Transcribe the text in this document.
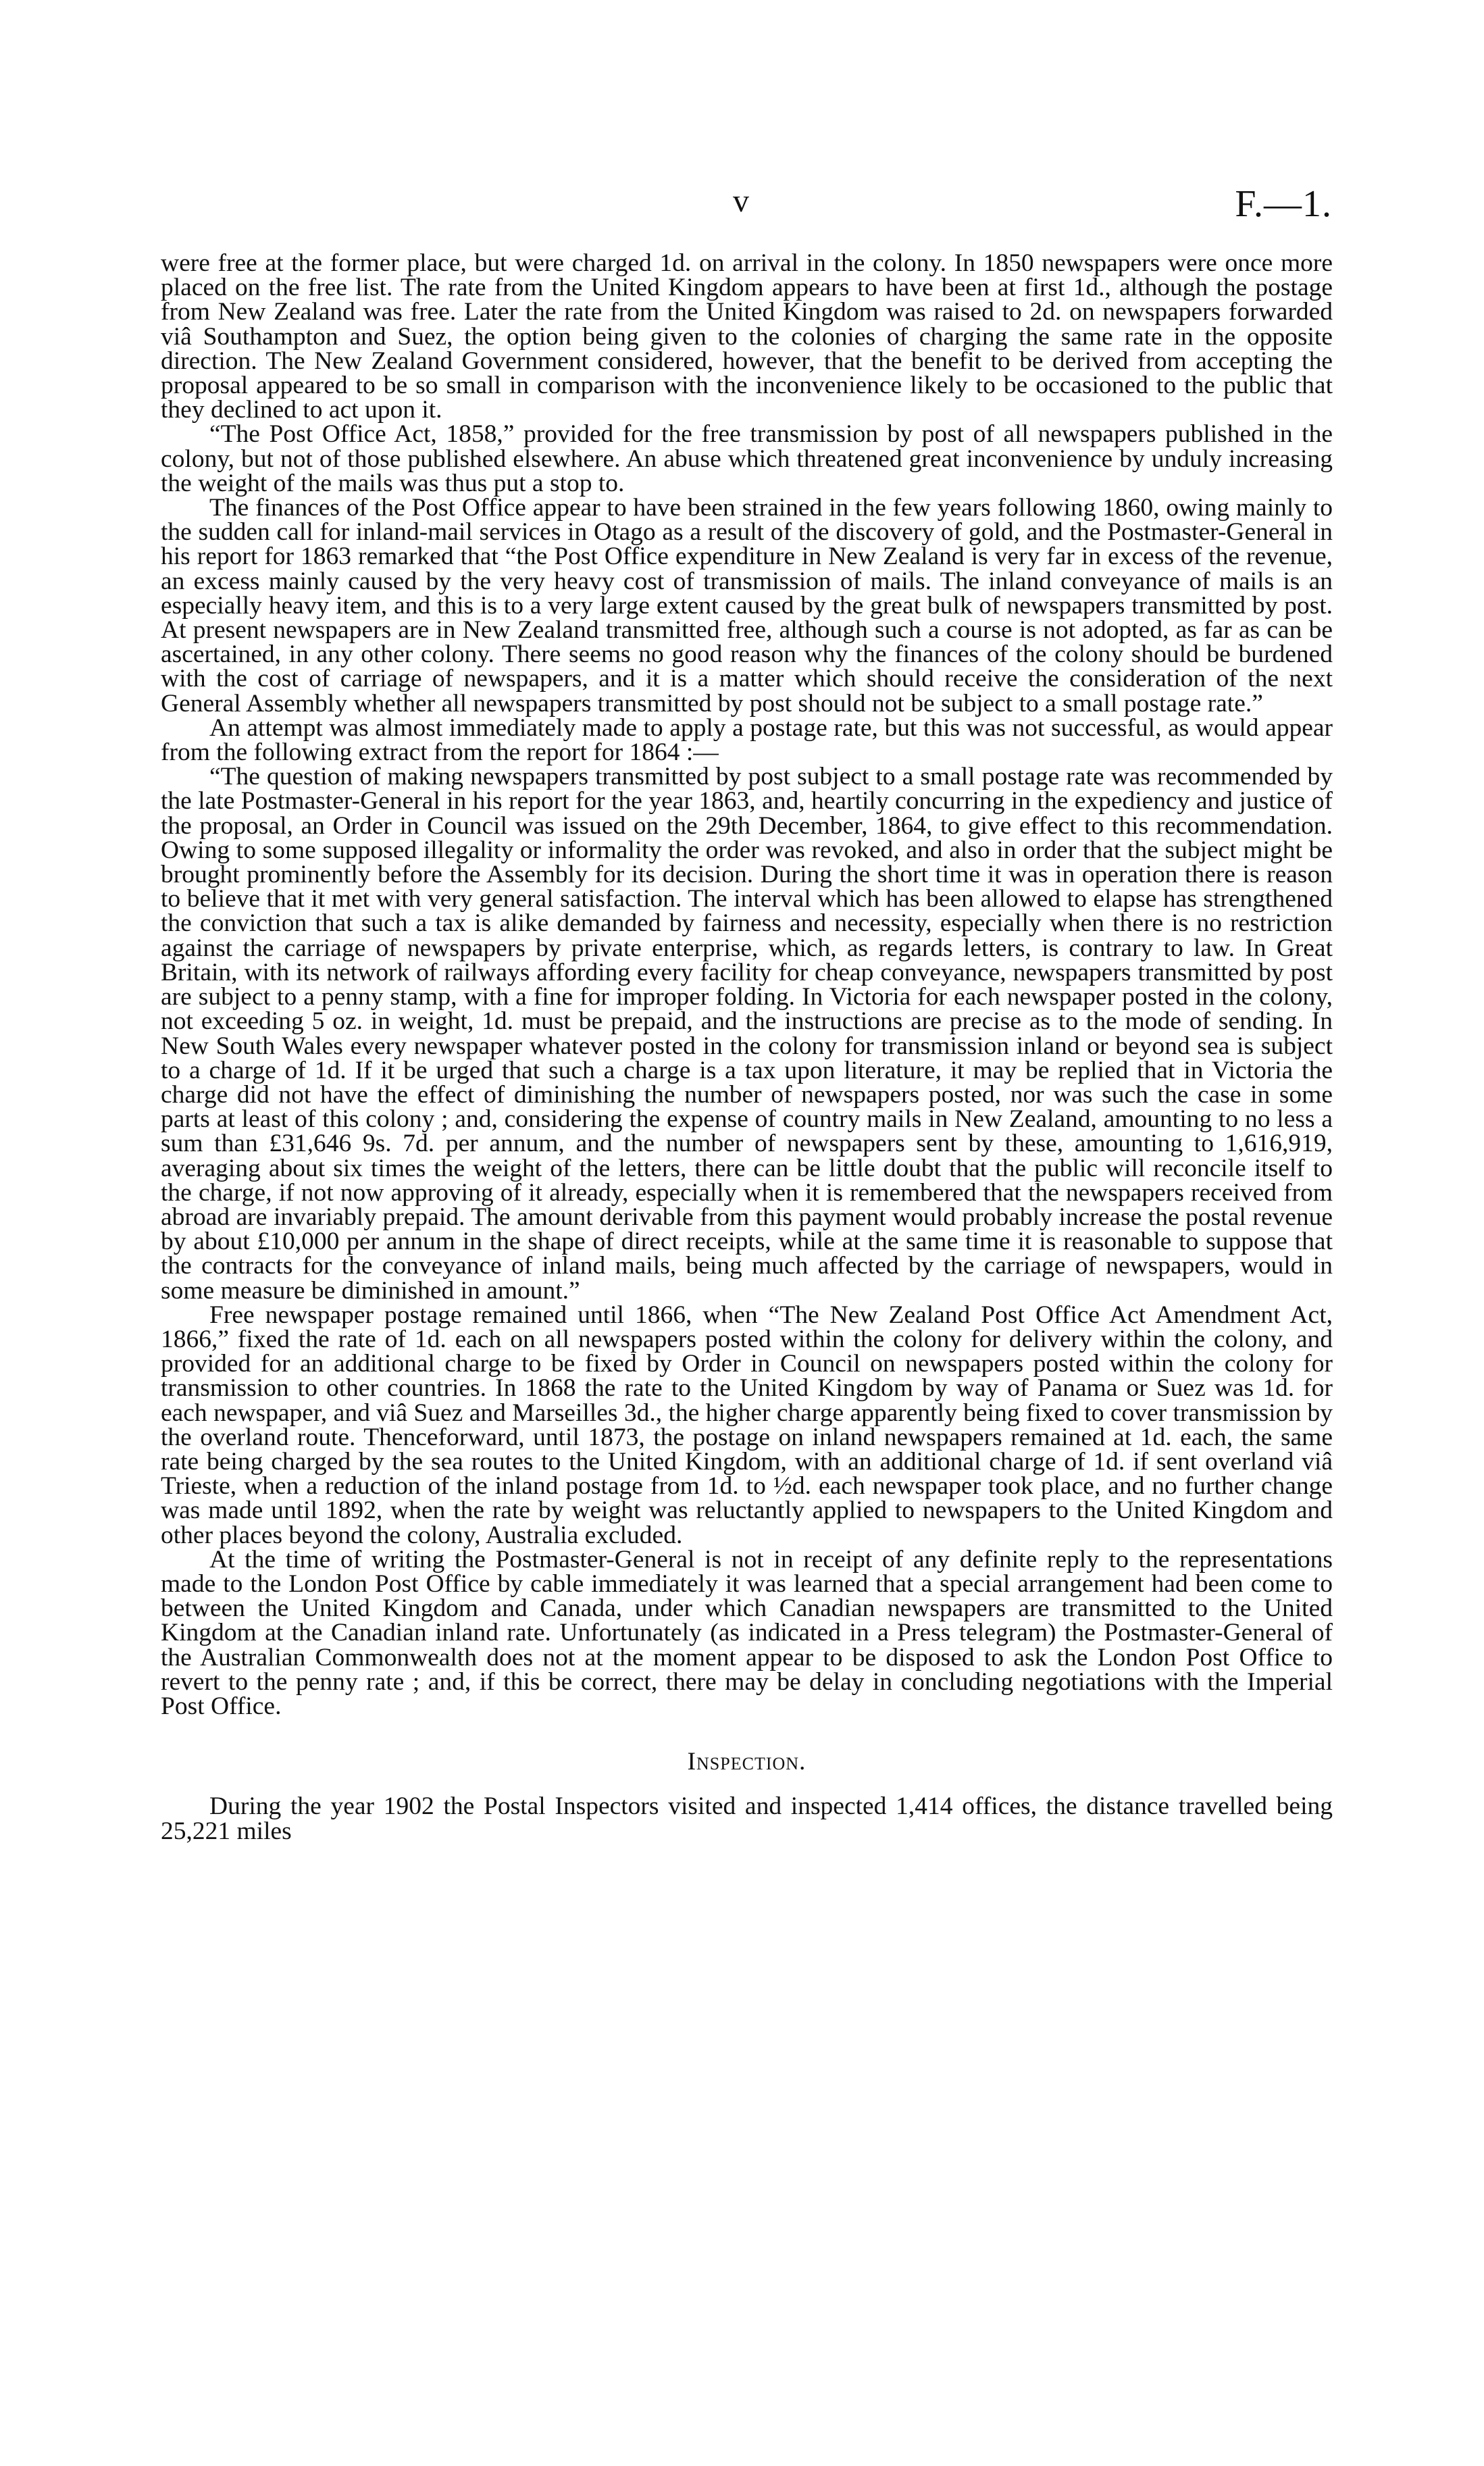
v	F.—1.

were free at the former place, but were charged 1d. on arrival in the colony. In 1850 newspapers were once more placed on the free list. The rate from the United Kingdom appears to have been at first 1d., although the postage from New Zealand was free. Later the rate from the United Kingdom was raised to 2d. on newspapers forwarded viâ Southampton and Suez, the option being given to the colonies of charging the same rate in the opposite direction. The New Zealand Government considered, however, that the benefit to be derived from accepting the proposal appeared to be so small in comparison with the inconvenience likely to be occasioned to the public that they declined to act upon it.

“The Post Office Act, 1858,” provided for the free transmission by post of all newspapers published in the colony, but not of those published elsewhere. An abuse which threatened great inconvenience by unduly increasing the weight of the mails was thus put a stop to.

The finances of the Post Office appear to have been strained in the few years following 1860, owing mainly to the sudden call for inland-mail services in Otago as a result of the discovery of gold, and the Postmaster-General in his report for 1863 remarked that “the Post Office expenditure in New Zealand is very far in excess of the revenue, an excess mainly caused by the very heavy cost of transmission of mails. The inland conveyance of mails is an especially heavy item, and this is to a very large extent caused by the great bulk of newspapers transmitted by post. At present newspapers are in New Zealand transmitted free, although such a course is not adopted, as far as can be ascertained, in any other colony. There seems no good reason why the finances of the colony should be burdened with the cost of carriage of newspapers, and it is a matter which should receive the consideration of the next General Assembly whether all newspapers transmitted by post should not be subject to a small postage rate.”

An attempt was almost immediately made to apply a postage rate, but this was not successful, as would appear from the following extract from the report for 1864 :—

“The question of making newspapers transmitted by post subject to a small postage rate was recommended by the late Postmaster-General in his report for the year 1863, and, heartily concurring in the expediency and justice of the proposal, an Order in Council was issued on the 29th December, 1864, to give effect to this recommendation. Owing to some supposed illegality or informality the order was revoked, and also in order that the subject might be brought prominently before the Assembly for its decision. During the short time it was in operation there is reason to believe that it met with very general satisfaction. The interval which has been allowed to elapse has strengthened the conviction that such a tax is alike demanded by fairness and necessity, especially when there is no restriction against the carriage of newspapers by private enterprise, which, as regards letters, is contrary to law. In Great Britain, with its network of railways affording every facility for cheap conveyance, newspapers transmitted by post are subject to a penny stamp, with a fine for improper folding. In Victoria for each newspaper posted in the colony, not exceeding 5 oz. in weight, 1d. must be prepaid, and the instructions are precise as to the mode of sending. In New South Wales every newspaper whatever posted in the colony for transmission inland or beyond sea is subject to a charge of 1d. If it be urged that such a charge is a tax upon literature, it may be replied that in Victoria the charge did not have the effect of diminishing the number of newspapers posted, nor was such the case in some parts at least of this colony ; and, considering the expense of country mails in New Zealand, amounting to no less a sum than £31,646 9s. 7d. per annum, and the number of newspapers sent by these, amounting to 1,616,919, averaging about six times the weight of the letters, there can be little doubt that the public will reconcile itself to the charge, if not now approving of it already, especially when it is remembered that the newspapers received from abroad are invariably prepaid. The amount derivable from this payment would probably increase the postal revenue by about £10,000 per annum in the shape of direct receipts, while at the same time it is reasonable to suppose that the contracts for the conveyance of inland mails, being much affected by the carriage of newspapers, would in some measure be diminished in amount.”

Free newspaper postage remained until 1866, when “The New Zealand Post Office Act Amendment Act, 1866,” fixed the rate of 1d. each on all newspapers posted within the colony for delivery within the colony, and provided for an additional charge to be fixed by Order in Council on newspapers posted within the colony for transmission to other countries. In 1868 the rate to the United Kingdom by way of Panama or Suez was 1d. for each newspaper, and viâ Suez and Marseilles 3d., the higher charge apparently being fixed to cover transmission by the overland route. Thenceforward, until 1873, the postage on inland newspapers remained at 1d. each, the same rate being charged by the sea routes to the United Kingdom, with an additional charge of 1d. if sent overland viâ Trieste, when a reduction of the inland postage from 1d. to ½d. each newspaper took place, and no further change was made until 1892, when the rate by weight was reluctantly applied to newspapers to the United Kingdom and other places beyond the colony, Australia excluded.

At the time of writing the Postmaster-General is not in receipt of any definite reply to the representations made to the London Post Office by cable immediately it was learned that a special arrangement had been come to between the United Kingdom and Canada, under which Canadian newspapers are transmitted to the United Kingdom at the Canadian inland rate. Unfortunately (as indicated in a Press telegram) the Postmaster-General of the Australian Commonwealth does not at the moment appear to be disposed to ask the London Post Office to revert to the penny rate ; and, if this be correct, there may be delay in concluding negotiations with the Imperial Post Office.

Inspection.

During the year 1902 the Postal Inspectors visited and inspected 1,414 offices, the distance travelled being 25,221 miles
